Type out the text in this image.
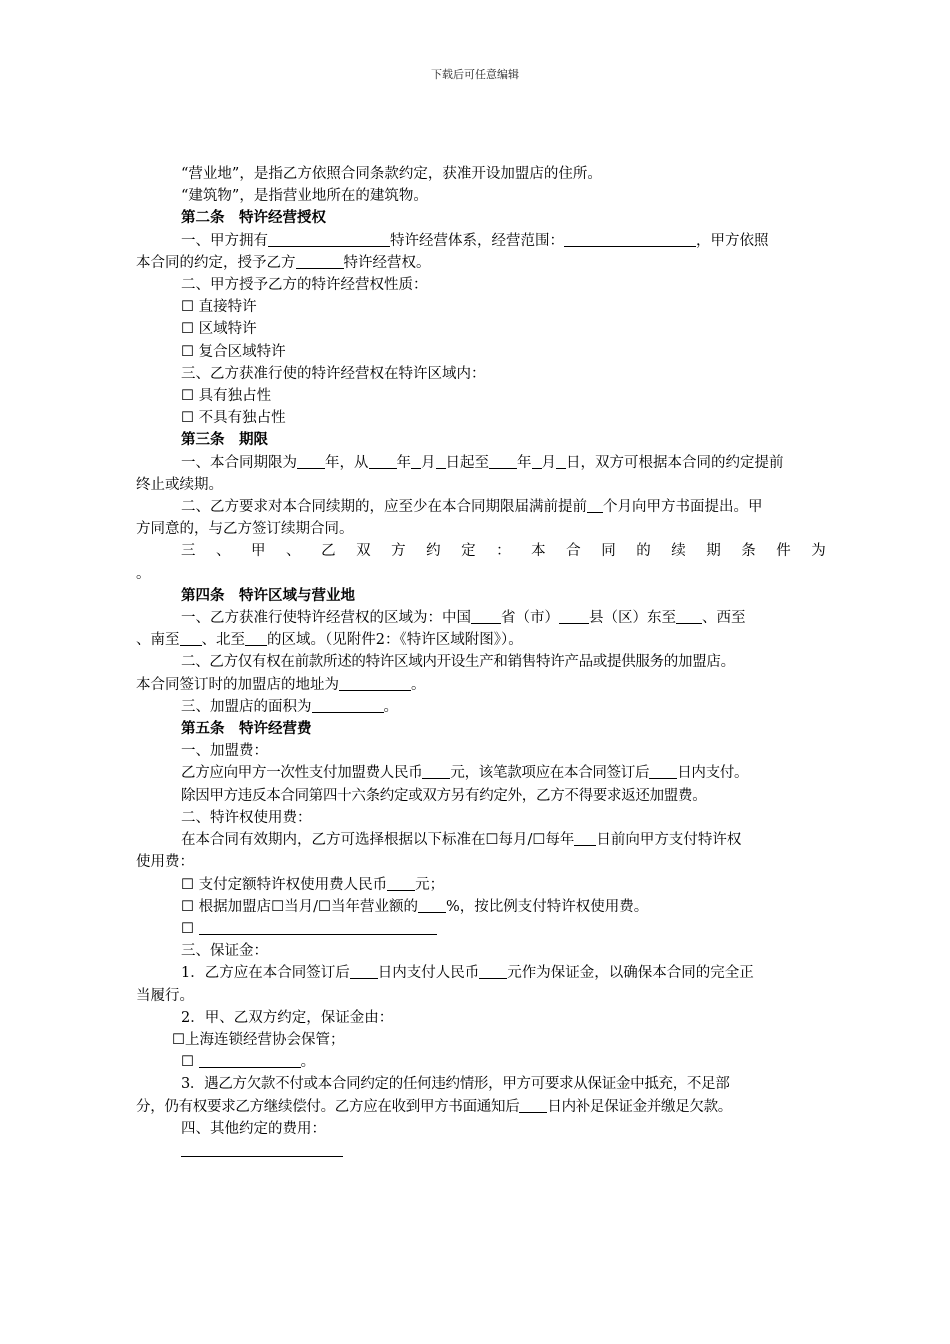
下载后可任意编辑

“营业地”，是指乙方依照合同条款约定，获准开设加盟店的住所。

“建筑物”，是指营业地所在的建筑物。

第二条　特许经营授权

一、甲方拥有	特许经营体系，经营范围：	，甲方依照

本合同的约定，授予乙方	特许经营权。

二、甲方授予乙方的特许经营权性质：

☐ 直接特许

☐ 区域特许

☐ 复合区域特许

三、乙方获准行使的特许经营权在特许区域内：

☐ 具有独占性

☐ 不具有独占性

第三条　期限

一、本合同期限为 年，从 年 月 日起至 年 月 日，双方可根据本合同的约定提前

终止或续期。

二、乙方要求对本合同续期的，应至少在本合同期限届满前提前 个月向甲方书面提出。甲

方同意的，与乙方签订续期合同。

三 、 甲 、 乙 双 方 约 定 ： 本 合 同 的 续 期 条 件 为

。

第四条　特许区域与营业地

一、乙方获准行使特许经营权的区域为：中国 省（市） 县（区）东至 、西至

、南至 、北至 的区域。（见附件2：《特许区域附图》）。

二、乙方仅有权在前款所述的特许区域内开设生产和销售特许产品或提供服务的加盟店。

本合同签订时的加盟店的地址为	。

三、加盟店的面积为	。

第五条　特许经营费

一、加盟费：

乙方应向甲方一次性支付加盟费人民币 元，该笔款项应在本合同签订后 日内支付。

除因甲方违反本合同第四十六条约定或双方另有约定外，乙方不得要求返还加盟费。

二、特许权使用费：

在本合同有效期内，乙方可选择根据以下标准在☐每月/☐每年 日前向甲方支付特许权

使用费：

☐ 支付定额特许权使用费人民币 元；

☐ 根据加盟店☐当月/☐当年营业额的 %，按比例支付特许权使用费。

☐

三、保证金：

1．乙方应在本合同签订后 日内支付人民币 元作为保证金，以确保本合同的完全正

当履行。

2．甲、乙双方约定，保证金由：

☐上海连锁经营协会保管；

☐	。

3．遇乙方欠款不付或本合同约定的任何违约情形，甲方可要求从保证金中抵充，不足部

分，仍有权要求乙方继续偿付。乙方应在收到甲方书面通知后 日内补足保证金并缴足欠款。

四、其他约定的费用：
